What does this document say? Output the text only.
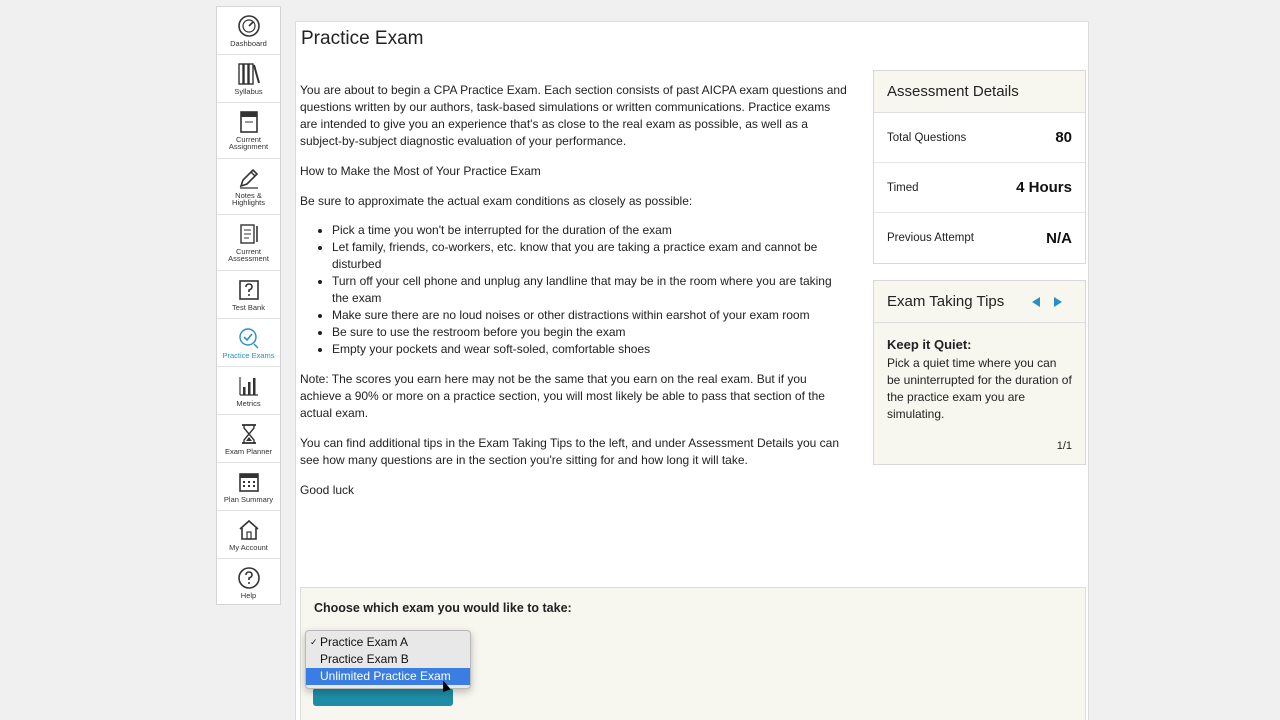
Dashboard
Syllabus
Current
Assignment
Notes &
Highlights
Current
Assessment
Test Bank
Practice Exams
Metrics
Exam Planner
Plan Summary
My Account
Help
Practice Exam

You are about to begin a CPA Practice Exam. Each section consists of past AICPA exam questions and questions written by our authors, task-based simulations or written communications. Practice exams are intended to give you an experience that's as close to the real exam as possible, as well as a subject-by-subject diagnostic evaluation of your performance.

How to Make the Most of Your Practice Exam

Be sure to approximate the actual exam conditions as closely as possible:

• Pick a time you won't be interrupted for the duration of the exam
• Let family, friends, co-workers, etc. know that you are taking a practice exam and cannot be disturbed
• Turn off your cell phone and unplug any landline that may be in the room where you are taking the exam
• Make sure there are no loud noises or other distractions within earshot of your exam room
• Be sure to use the restroom before you begin the exam
• Empty your pockets and wear soft-soled, comfortable shoes

Note: The scores you earn here may not be the same that you earn on the real exam. But if you achieve a 90% or more on a practice section, you will most likely be able to pass that section of the actual exam.

You can find additional tips in the Exam Taking Tips to the left, and under Assessment Details you can see how many questions are in the section you're sitting for and how long it will take.

Good luck

Assessment Details
Total Questions	80
Timed	4 Hours
Previous Attempt	N/A
Exam Taking Tips
Keep it Quiet:
Pick a quiet time where you can be uninterrupted for the duration of the practice exam you are simulating.
1/1
Choose which exam you would like to take:
✓ Practice Exam A
Practice Exam B
Unlimited Practice Exam
